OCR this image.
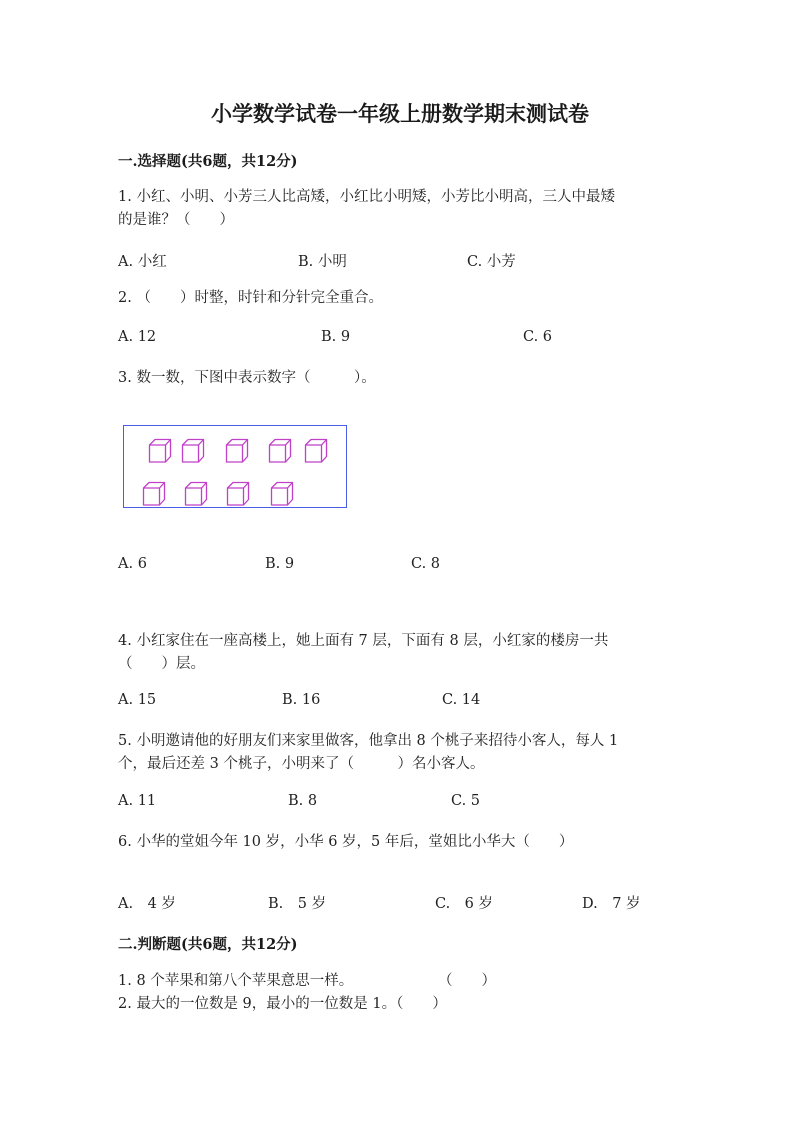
小学数学试卷一年级上册数学期末测试卷
一.选择题(共6题，共12分)
1. 小红、小明、小芳三人比高矮，小红比小明矮，小芳比小明高，三人中最矮
的是谁？（　　）
A. 小红	B. 小明	C. 小芳
2. （　　）时整，时针和分针完全重合。
A. 12	B. 9	C. 6
3. 数一数，下图中表示数字（　　　）。
A. 6	B. 9	C. 8
4. 小红家住在一座高楼上，她上面有 7 层，下面有 8 层，小红家的楼房一共
（　　）层。
A. 15	B. 16	C. 14
5. 小明邀请他的好朋友们来家里做客，他拿出 8 个桃子来招待小客人，每人 1
个，最后还差 3 个桃子，小明来了（　　　）名小客人。
A. 11	B. 8	C. 5
6. 小华的堂姐今年 10 岁，小华 6 岁，5 年后，堂姐比小华大（　　）
A.　4 岁	B.　5 岁	C.　6 岁	D.　7 岁
二.判断题(共6题，共12分)
1. 8 个苹果和第八个苹果意思一样。	（　　）
2. 最大的一位数是 9，最小的一位数是 1。（　　）
